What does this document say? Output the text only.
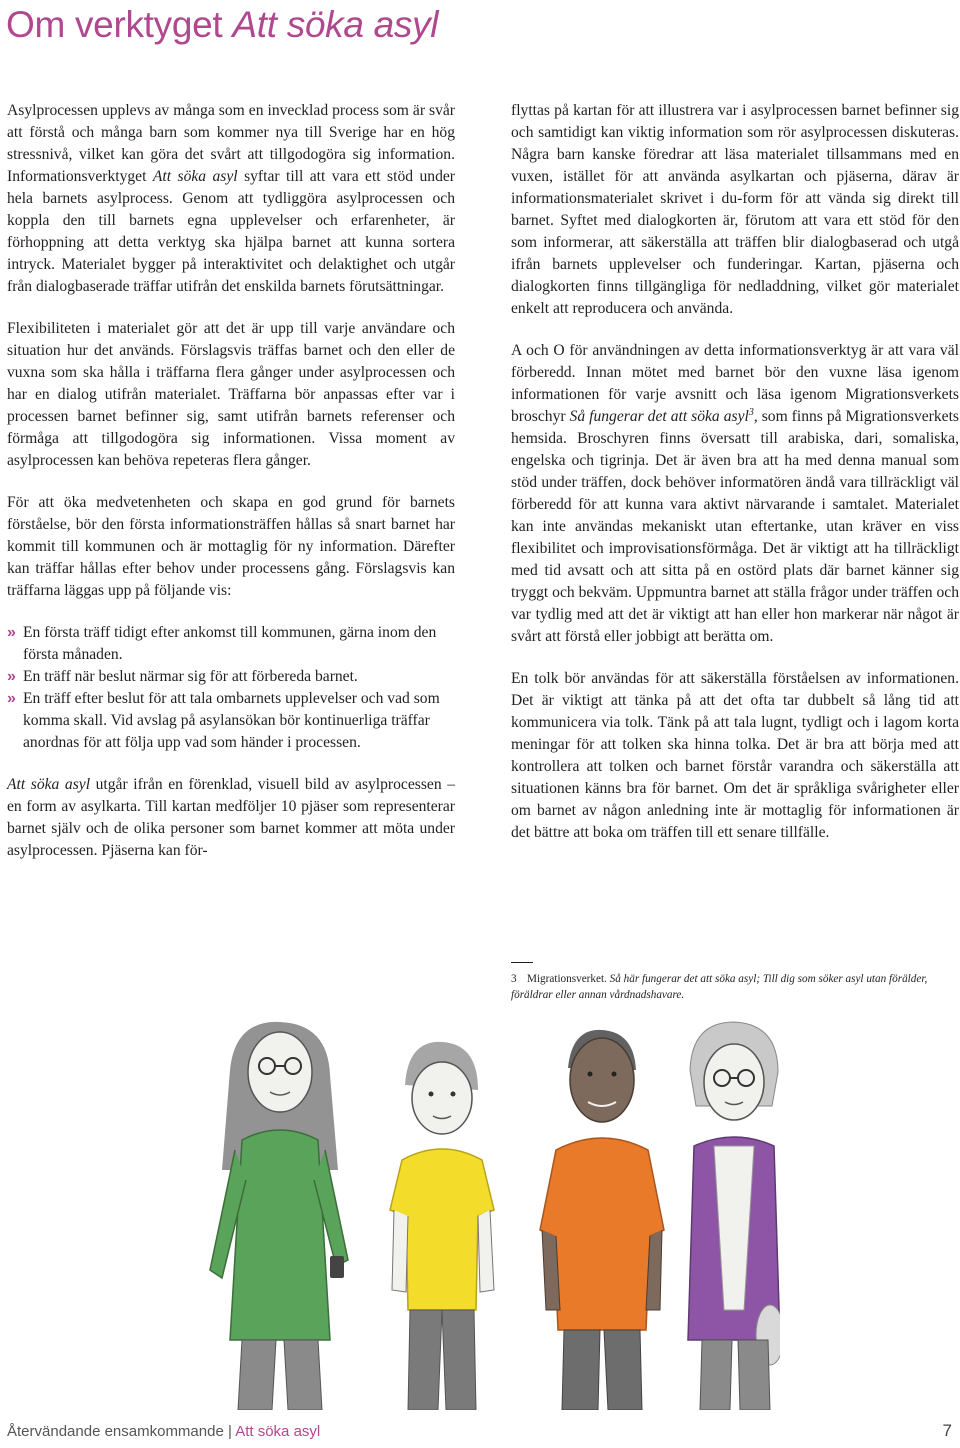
Om verktyget Att söka asyl

Asylprocessen upplevs av många som en invecklad process som är svår att förstå och många barn som kommer nya till Sverige har en hög stressnivå, vilket kan göra det svårt att tillgodogöra sig information. Informationsverktyget Att söka asyl syftar till att vara ett stöd under hela barnets asylprocess. Genom att tydliggöra asylprocessen och koppla den till barnets egna upplevelser och erfarenheter, är förhoppning att detta verktyg ska hjälpa barnet att kunna sortera intryck. Materialet bygger på interaktivitet och delaktighet och utgår från dialogbaserade träffar utifrån det enskilda barnets förutsättningar.

Flexibiliteten i materialet gör att det är upp till varje användare och situation hur det används. Förslagsvis träffas barnet och den eller de vuxna som ska hålla i träffarna flera gånger under asylprocessen och har en dialog utifrån materialet. Träffarna bör anpassas efter var i processen barnet befinner sig, samt utifrån barnets referenser och förmåga att tillgodogöra sig informationen. Vissa moment av asylprocessen kan behöva repeteras flera gånger.

För att öka medvetenheten och skapa en god grund för barnets förståelse, bör den första informationsträffen hållas så snart barnet har kommit till kommunen och är mottaglig för ny information. Därefter kan träffar hållas efter behov under processens gång. Förslagsvis kan träffarna läggas upp på följande vis:

» En första träff tidigt efter ankomst till kommunen, gärna inom den första månaden.
» En träff när beslut närmar sig för att förbereda barnet.
» En träff efter beslut för att tala ombarnets upplevelser och vad som komma skall. Vid avslag på asylansökan bör kontinuerliga träffar anordnas för att följa upp vad som händer i processen.

Att söka asyl utgår ifrån en förenklad, visuell bild av asylprocessen – en form av asylkarta. Till kartan medföljer 10 pjäser som representerar barnet själv och de olika personer som barnet kommer att möta under asylprocessen. Pjäserna kan för-

flyttas på kartan för att illustrera var i asylprocessen barnet befinner sig och samtidigt kan viktig information som rör asylprocessen diskuteras. Några barn kanske föredrar att läsa materialet tillsammans med en vuxen, istället för att använda asylkartan och pjäserna, därav är informationsmaterialet skrivet i du-form för att vända sig direkt till barnet. Syftet med dialogkorten är, förutom att vara ett stöd för den som informerar, att säkerställa att träffen blir dialogbaserad och utgå ifrån barnets upplevelser och funderingar. Kartan, pjäserna och dialogkorten finns tillgängliga för nedladdning, vilket gör materialet enkelt att reproducera och använda.

A och O för användningen av detta informationsverktyg är att vara väl förberedd. Innan mötet med barnet bör den vuxne läsa igenom informationen för varje avsnitt och läsa igenom Migrationsverkets broschyr Så fungerar det att söka asyl$^3$, som finns på Migrationsverkets hemsida. Broschyren finns översatt till arabiska, dari, somaliska, engelska och tigrinja. Det är även bra att ha med denna manual som stöd under träffen, dock behöver informatören ändå vara tillräckligt väl förberedd för att kunna vara aktivt närvarande i samtalet. Materialet kan inte användas mekaniskt utan eftertanke, utan kräver en viss flexibilitet och improvisationsförmåga. Det är viktigt att ha tillräckligt med tid avsatt och att sitta på en ostörd plats där barnet känner sig tryggt och bekväm. Uppmuntra barnet att ställa frågor under träffen och var tydlig med att det är viktigt att han eller hon markerar när något är svårt att förstå eller jobbigt att berätta om.

En tolk bör användas för att säkerställa förståelsen av informationen. Det är viktigt att tänka på att det ofta tar dubbelt så lång tid att kommunicera via tolk. Tänk på att tala lugnt, tydligt och i lagom korta meningar för att tolken ska hinna tolka. Det är bra att börja med att kontrollera att tolken och barnet förstår varandra och säkerställa att situationen känns bra för barnet. Om det är språkliga svårigheter eller om barnet av någon anledning inte är mottaglig för informationen är det bättre att boka om träffen till ett senare tillfälle.

3 Migrationsverket. Så här fungerar det att söka asyl; Till dig som söker asyl utan förälder, föräldrar eller annan vårdnadshavare.
Återvändande ensamkommande | Att söka asyl	7
